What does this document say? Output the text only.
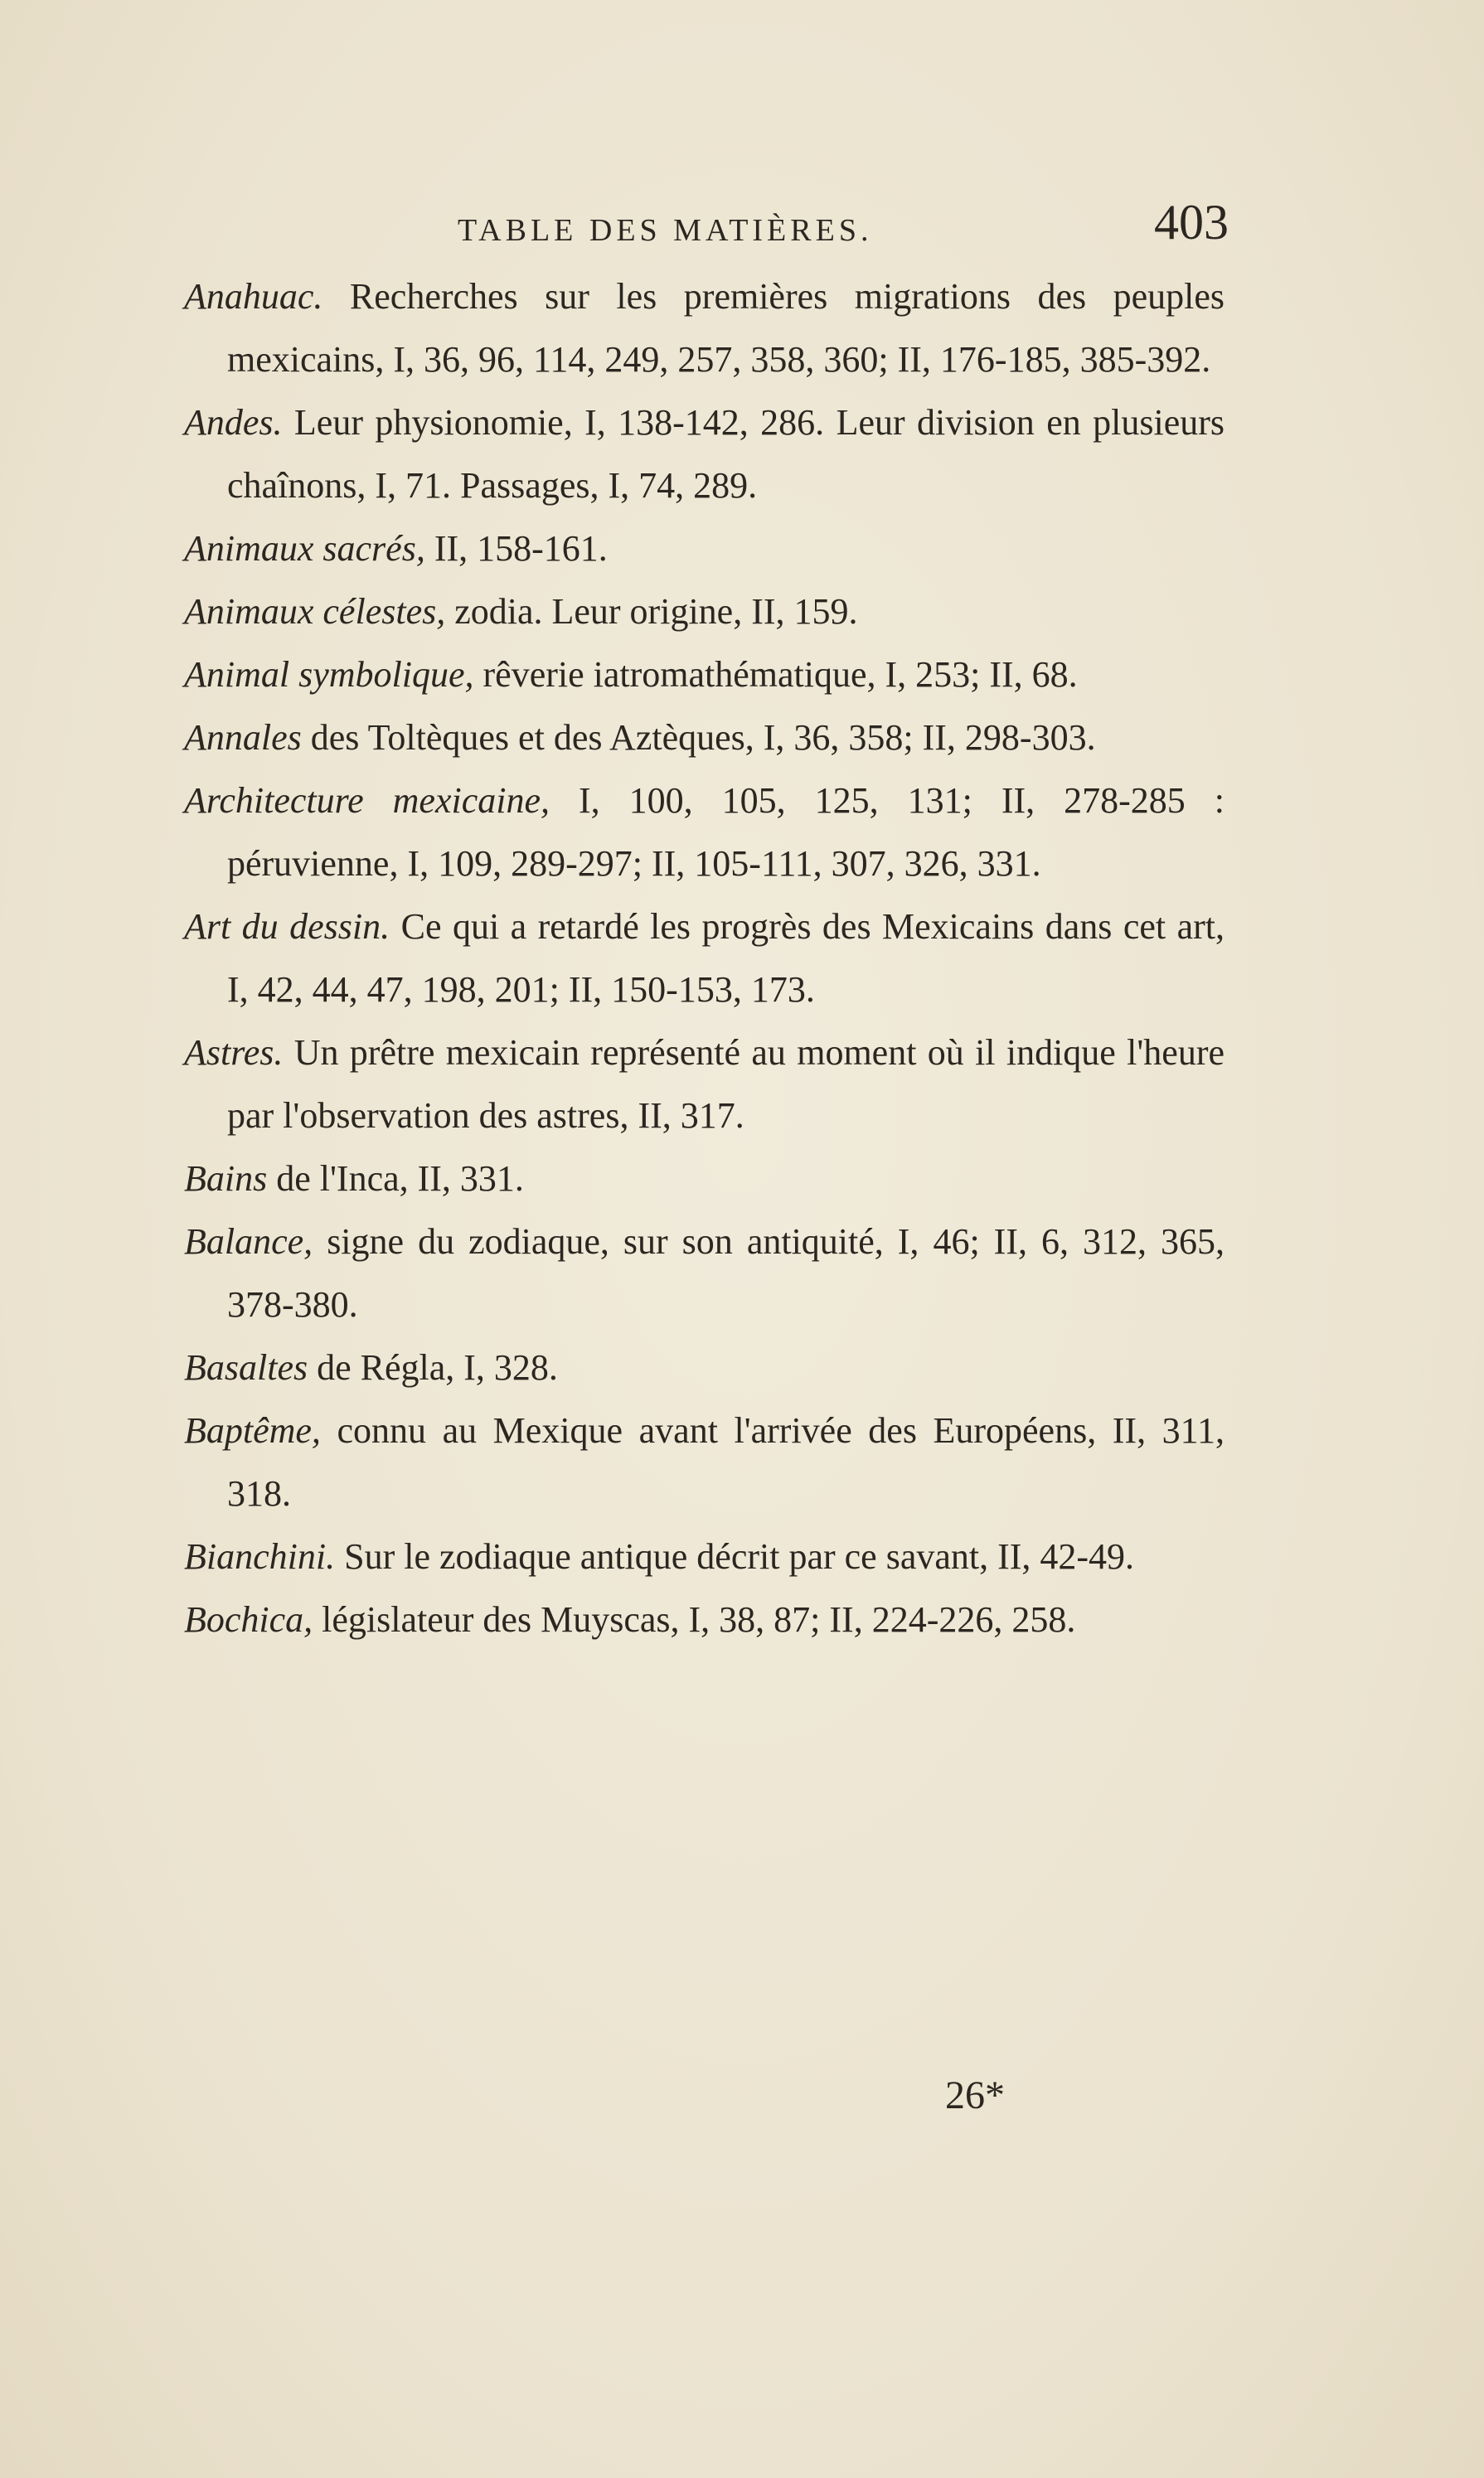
TABLE DES MATIÈRES.	403

Anahuac. Recherches sur les premières migrations des peuples mexicains, I, 36, 96, 114, 249, 257, 358, 360; II, 176-185, 385-392.

Andes. Leur physionomie, I, 138-142, 286. Leur division en plusieurs chaînons, I, 71. Passages, I, 74, 289.

Animaux sacrés, II, 158-161.

Animaux célestes, zodia. Leur origine, II, 159.

Animal symbolique, rêverie iatromathématique, I, 253; II, 68.

Annales des Toltèques et des Aztèques, I, 36, 358; II, 298-303.

Architecture mexicaine, I, 100, 105, 125, 131; II, 278-285 : péruvienne, I, 109, 289-297; II, 105-111, 307, 326, 331.

Art du dessin. Ce qui a retardé les progrès des Mexicains dans cet art, I, 42, 44, 47, 198, 201; II, 150-153, 173.

Astres. Un prêtre mexicain représenté au moment où il indique l'heure par l'observation des astres, II, 317.

Bains de l'Inca, II, 331.

Balance, signe du zodiaque, sur son antiquité, I, 46; II, 6, 312, 365, 378-380.

Basaltes de Régla, I, 328.

Baptême, connu au Mexique avant l'arrivée des Européens, II, 311, 318.

Bianchini. Sur le zodiaque antique décrit par ce savant, II, 42-49.

Bochica, législateur des Muyscas, I, 38, 87; II, 224-226, 258.

26*
